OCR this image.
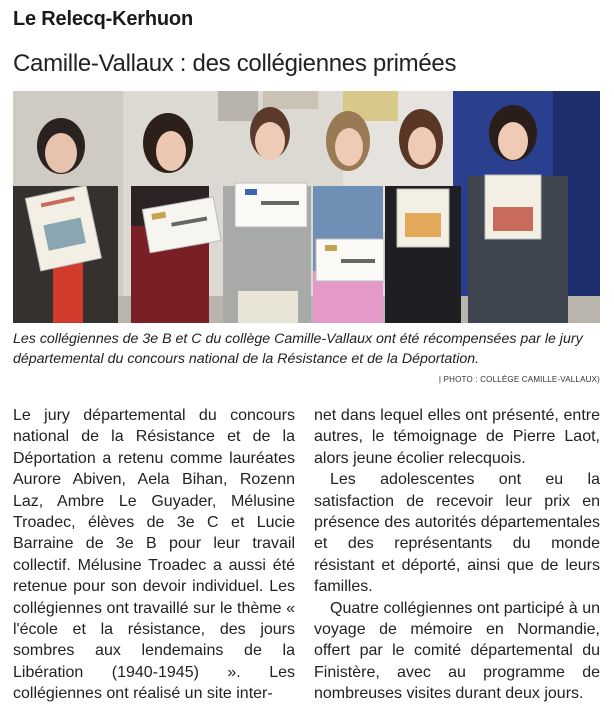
Le Relecq-Kerhuon
Camille-Vallaux : des collégiennes primées
Les collégiennes de 3e B et C du collège Camille-Vallaux ont été récompensées par le jury départemental du concours national de la Résistance et de la Déportation.
| PHOTO : COLLÈGE CAMILLE-VALLAUX)

Le jury départemental du concours national de la Résistance et de la Déportation a retenu comme lauréates Aurore Abiven, Aela Bihan, Rozenn Laz, Ambre Le Guyader, Mélusine Troadec, élèves de 3e C et Lucie Barraine de 3e B pour leur travail collectif. Mélusine Troadec a aussi été retenue pour son devoir individuel. Les collégiennes ont travaillé sur le thème « l'école et la résistance, des jours sombres aux lendemains de la Libération (1940-1945) ». Les collégiennes ont réalisé un site inter-

net dans lequel elles ont présenté, entre autres, le témoignage de Pierre Laot, alors jeune écolier relecquois.

Les adolescentes ont eu la satisfaction de recevoir leur prix en présence des autorités départementales et des représentants du monde résistant et déporté, ainsi que de leurs familles.

Quatre collégiennes ont participé à un voyage de mémoire en Normandie, offert par le comité départemental du Finistère, avec au programme de nombreuses visites durant deux jours.
